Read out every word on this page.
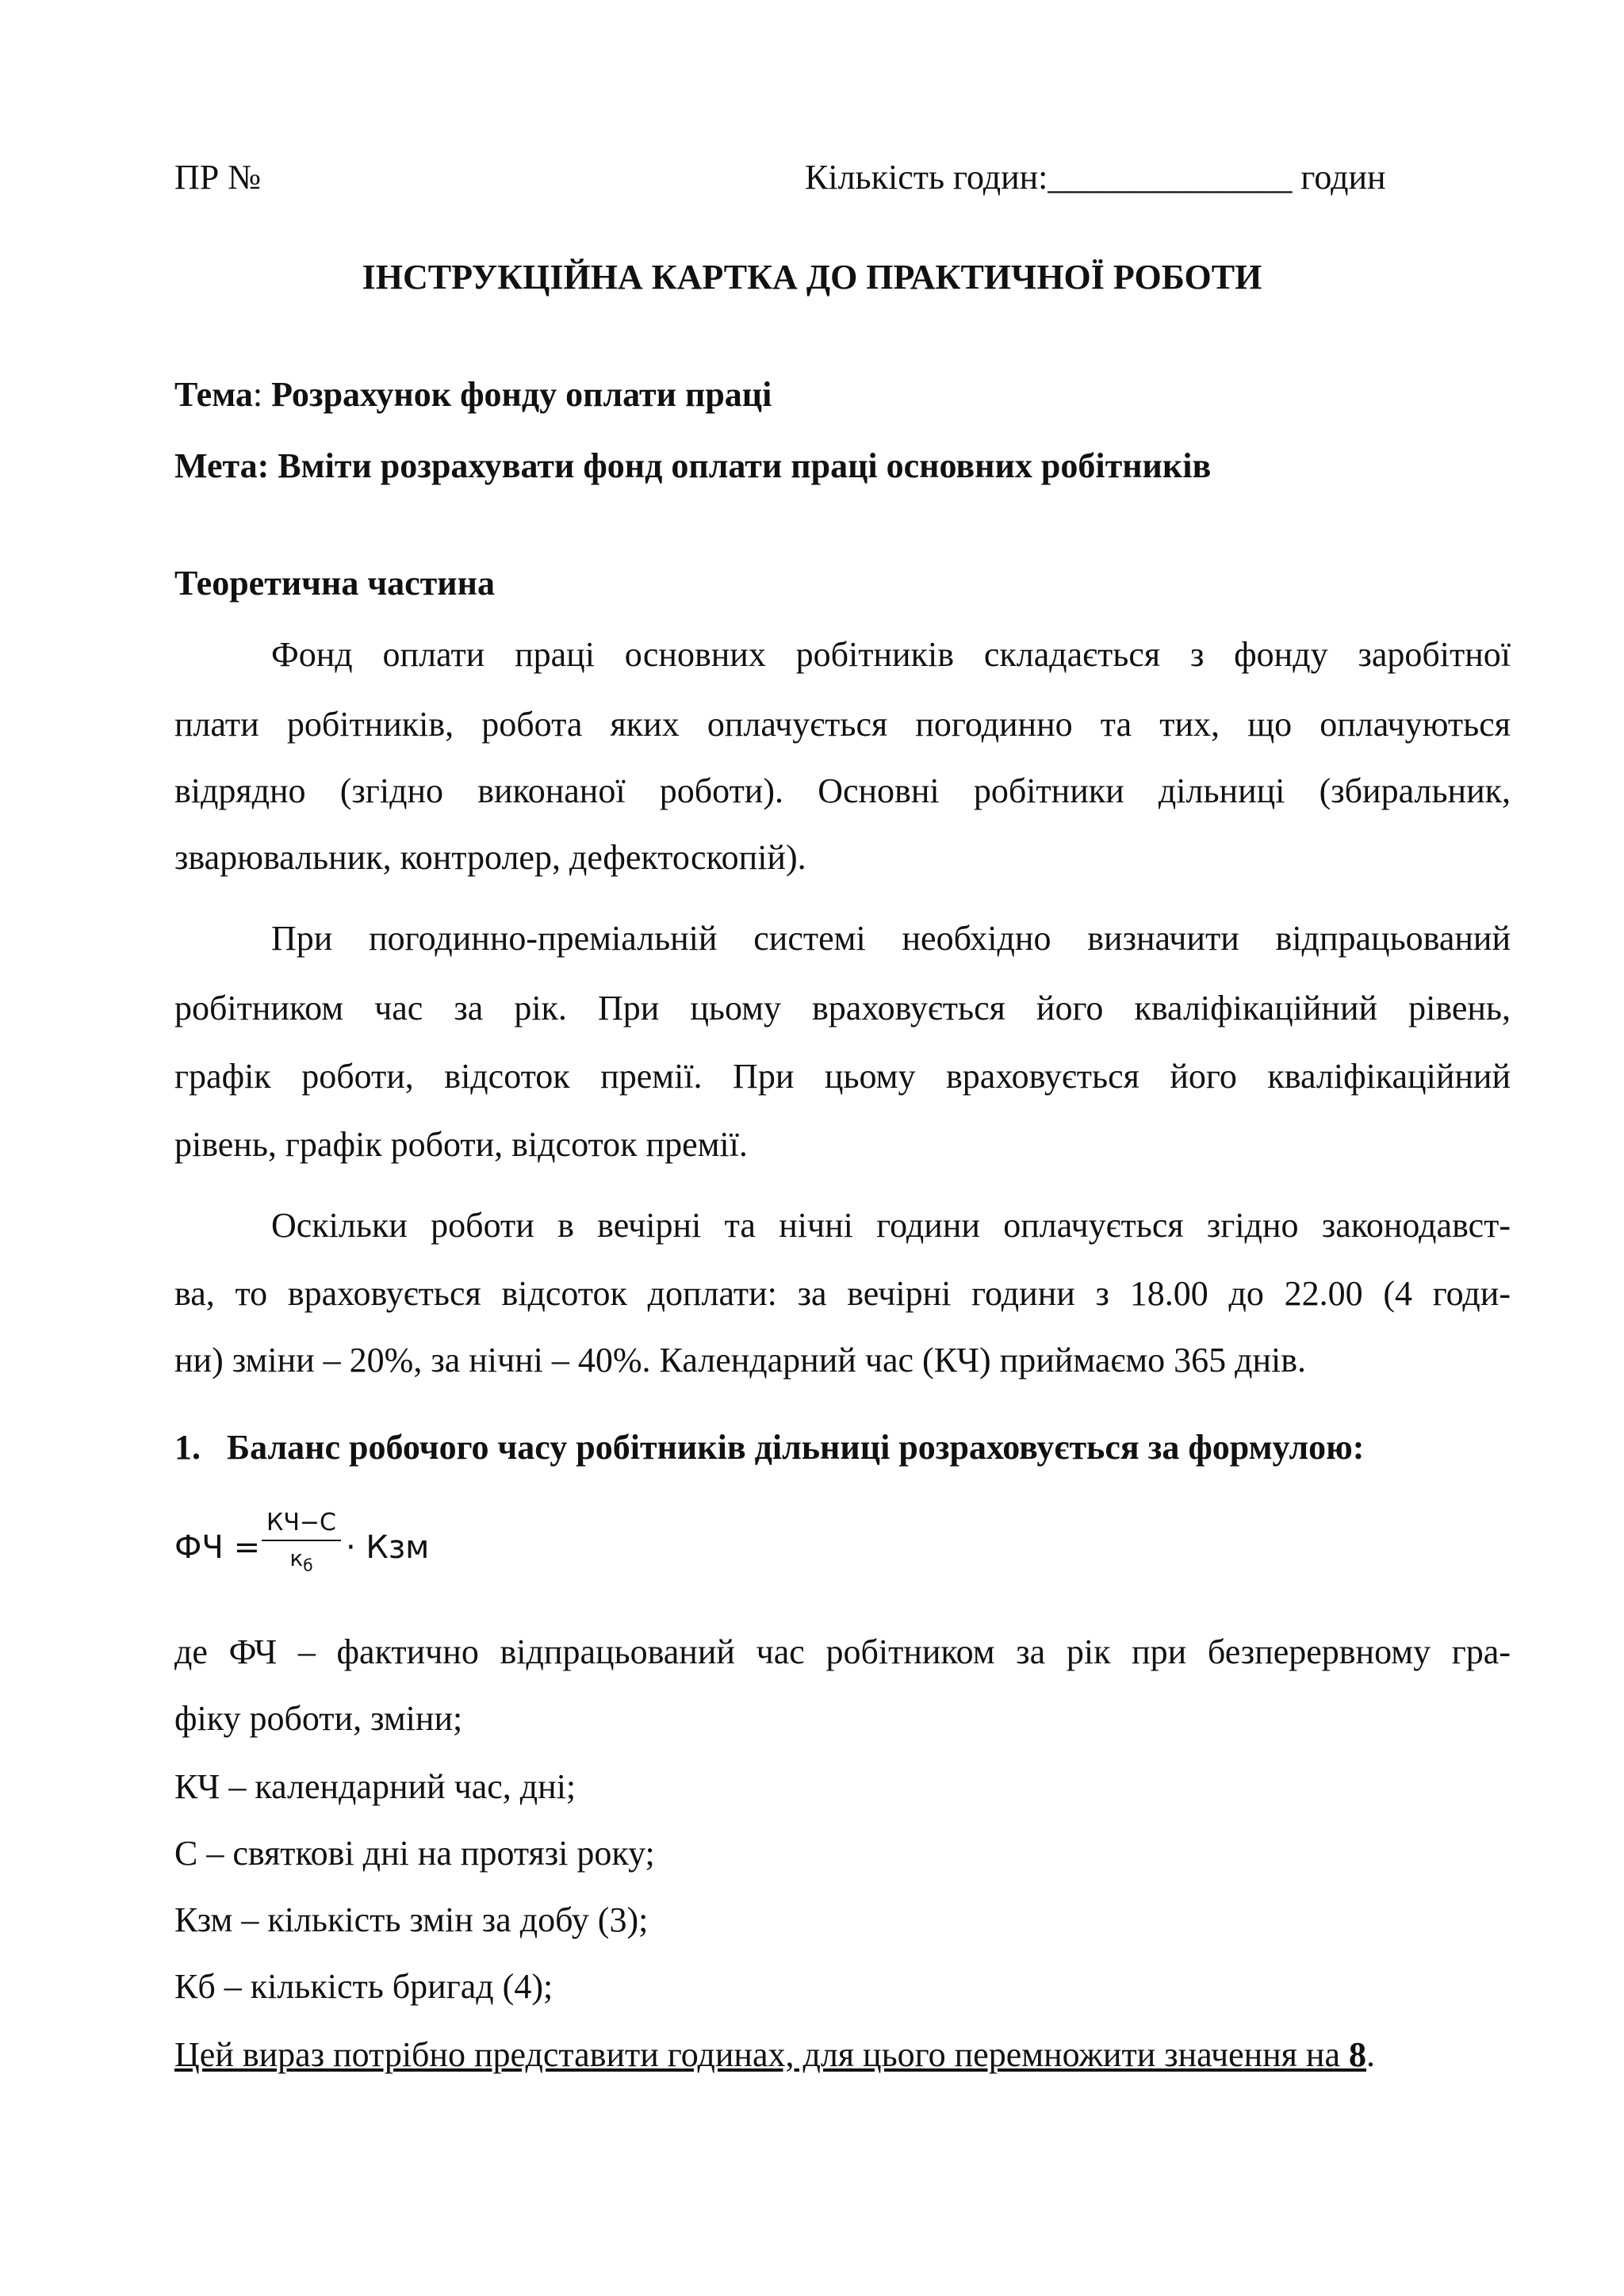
ПР №	Кількість годин:______________ годин
ІНСТРУКЦІЙНА КАРТКА ДО ПРАКТИЧНОЇ РОБОТИ
Тема: Розрахунок фонду оплати праці
Мета: Вміти розрахувати фонд оплати праці основних робітників
Теоретична частина
Фонд оплати праці основних робітників складається з фонду заробітної
плати робітників, робота яких оплачується погодинно та тих, що оплачуються
відрядно (згідно виконаної роботи). Основні робітники дільниці (збиральник,
зварювальник, контролер, дефектоскопій).
При погодинно-преміальній системі необхідно визначити відпрацьований
робітником час за рік. При цьому враховується його кваліфікаційний рівень,
графік роботи, відсоток премії. При цьому враховується його кваліфікаційний
рівень, графік роботи, відсоток премії.
Оскільки роботи в вечірні та нічні години оплачується згідно законодавст-
ва, то враховується відсоток доплати: за вечірні години з 18.00 до 22.00 (4 годи-
ни) зміни – 20%, за нічні – 40%. Календарний час (КЧ) приймаємо 365 днів.
1. Баланс робочого часу робітників дільниці розраховується за формулою:
ФЧ =
КЧ−С
$к_б$	· Кзм
де ФЧ – фактично відпрацьований час робітником за рік при безперервному гра-
фіку роботи, зміни;
КЧ – календарний час, дні;
С – святкові дні на протязі року;
Кзм – кількість змін за добу (3);
Кб – кількість бригад (4);
Цей вираз потрібно представити годинах, для цього перемножити значення на 8.
